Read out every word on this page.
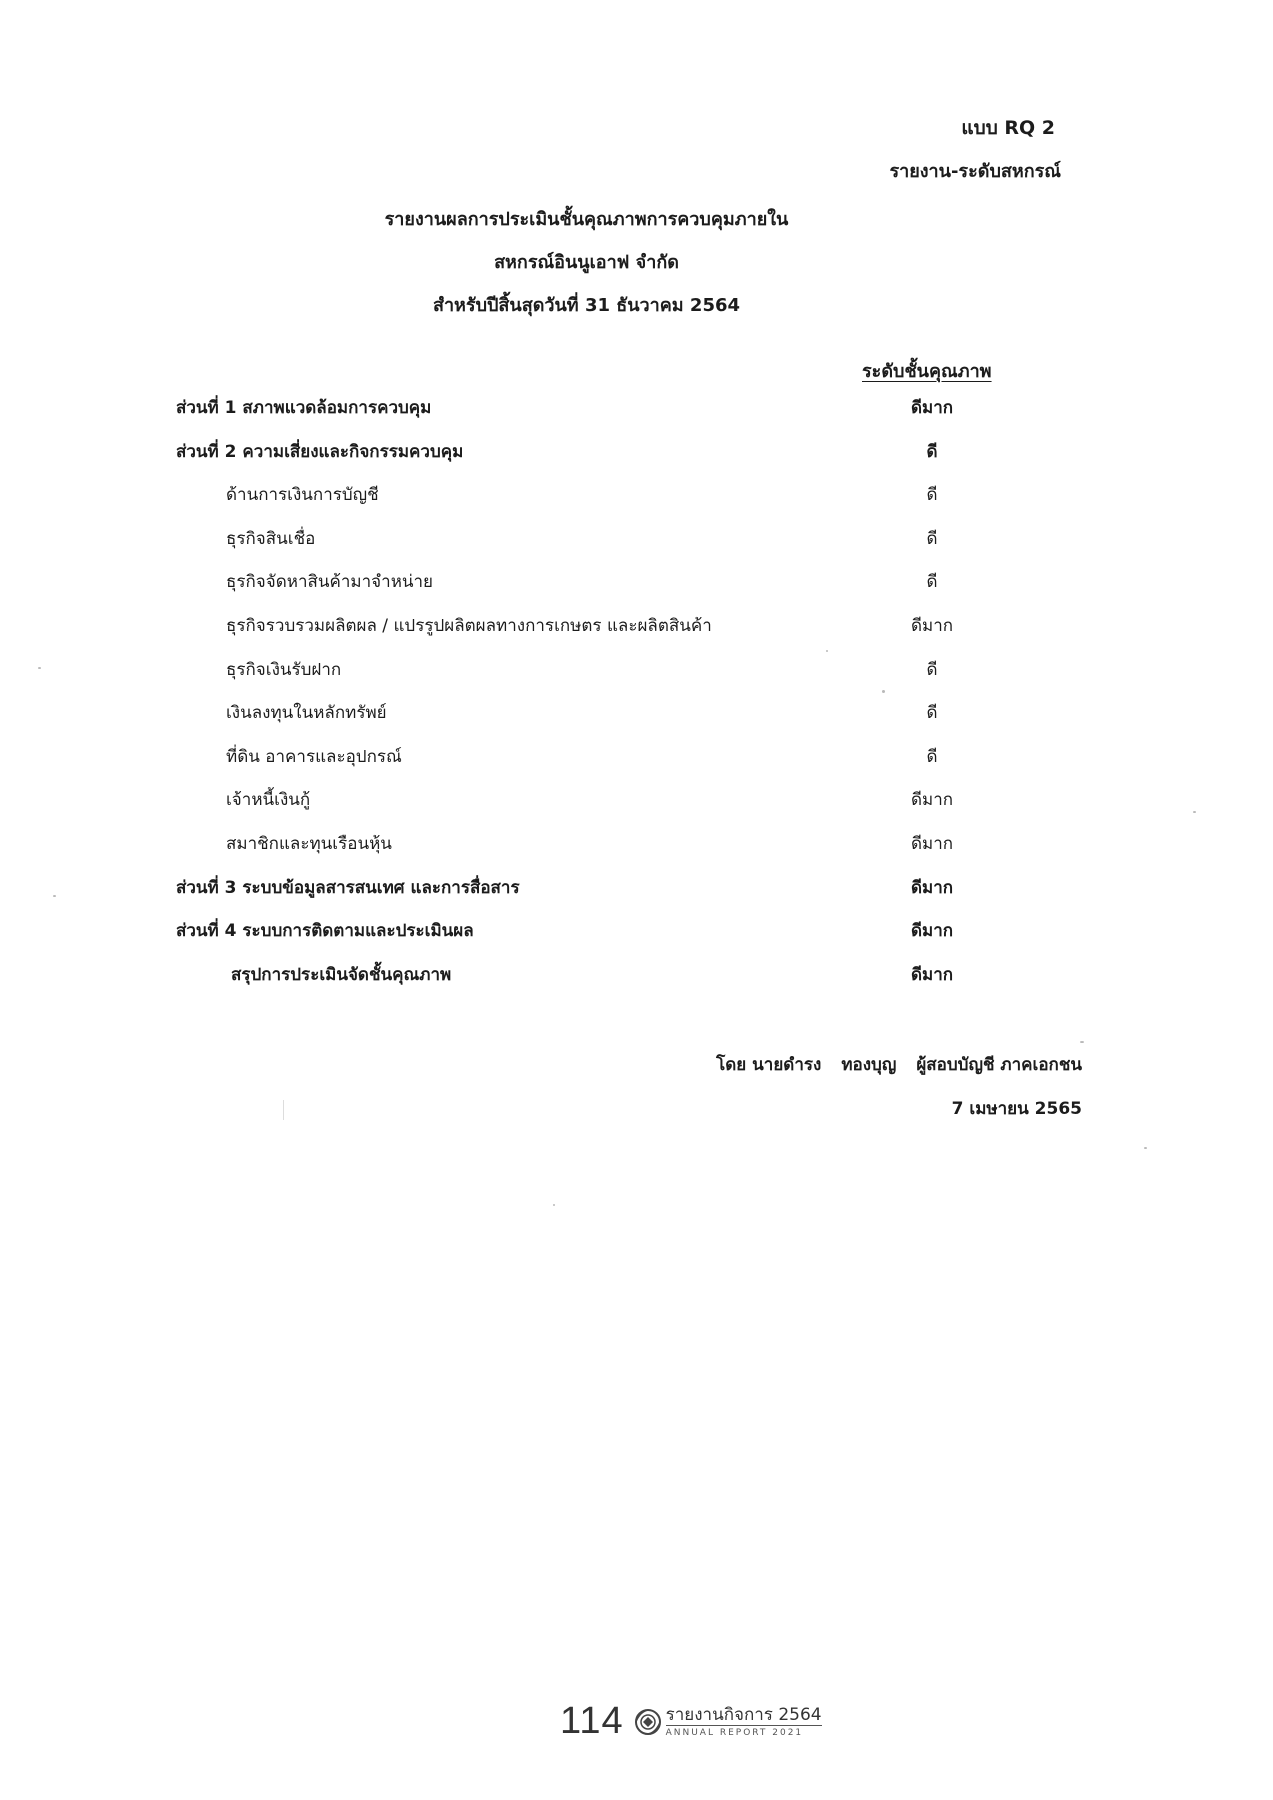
แบบ RQ 2
รายงาน-ระดับสหกรณ์
รายงานผลการประเมินชั้นคุณภาพการควบคุมภายใน
สหกรณ์อินนูเอาฟ จำกัด
สำหรับปีสิ้นสุดวันที่ 31 ธันวาคม 2564
ระดับชั้นคุณภาพ
ส่วนที่ 1 สภาพแวดล้อมการควบคุม	ดีมาก
ส่วนที่ 2 ความเสี่ยงและกิจกรรมควบคุม	ดี
ด้านการเงินการบัญชี	ดี
ธุรกิจสินเชื่อ	ดี
ธุรกิจจัดหาสินค้ามาจำหน่าย	ดี
ธุรกิจรวบรวมผลิตผล / แปรรูปผลิตผลทางการเกษตร และผลิตสินค้า	ดีมาก
ธุรกิจเงินรับฝาก	ดี
เงินลงทุนในหลักทรัพย์	ดี
ที่ดิน อาคารและอุปกรณ์	ดี
เจ้าหนี้เงินกู้	ดีมาก
สมาชิกและทุนเรือนหุ้น	ดีมาก
ส่วนที่ 3 ระบบข้อมูลสารสนเทศ และการสื่อสาร	ดีมาก
ส่วนที่ 4 ระบบการติดตามและประเมินผล	ดีมาก
สรุปการประเมินจัดชั้นคุณภาพ	ดีมาก
โดย นายดำรง ทองบุญ ผู้สอบบัญชี ภาคเอกชน
7 เมษายน 2565
114 รายงานกิจการ 2564
ANNUAL REPORT 2021
